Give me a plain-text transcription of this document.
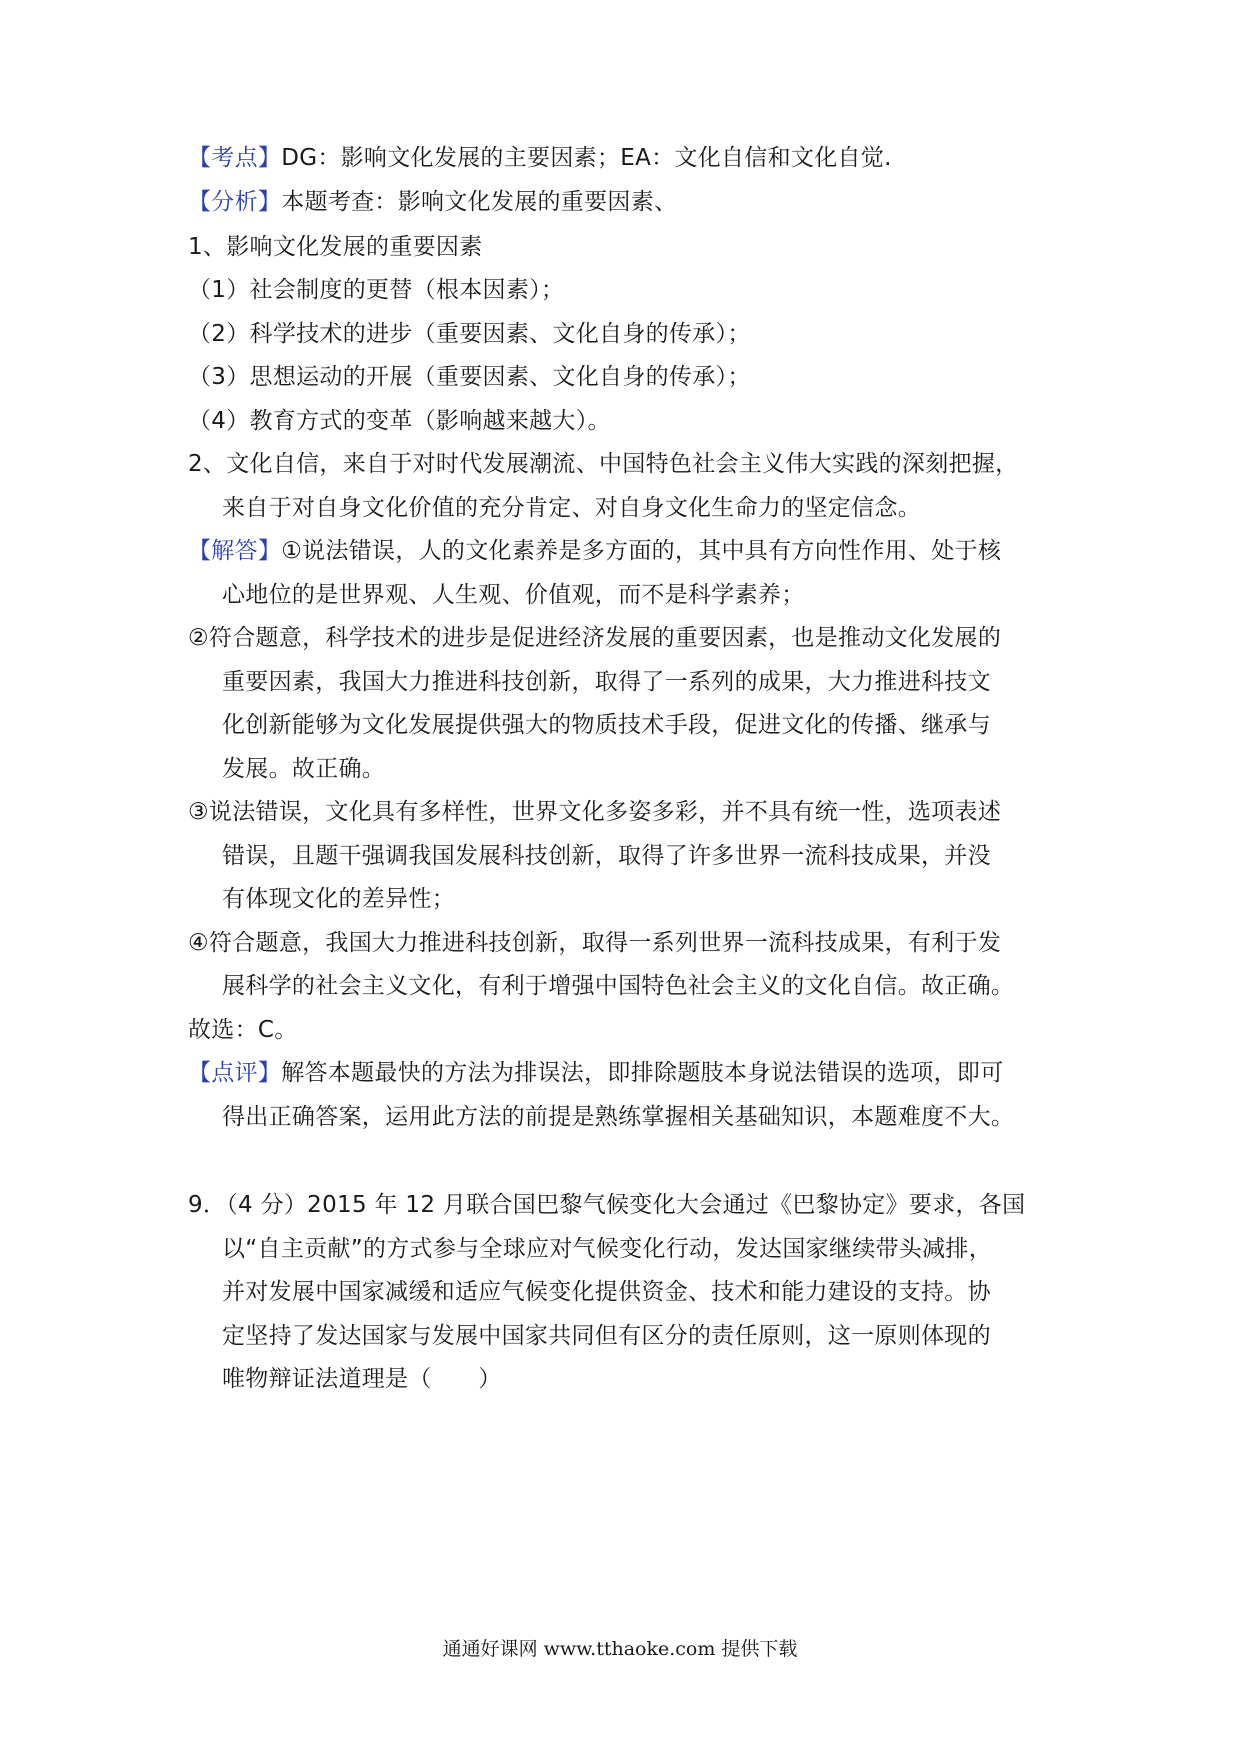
【考点】DG：影响文化发展的主要因素；EA：文化自信和文化自觉.
【分析】本题考查：影响文化发展的重要因素、
1、影响文化发展的重要因素
（1）社会制度的更替（根本因素）；
（2）科学技术的进步（重要因素、文化自身的传承）；
（3）思想运动的开展（重要因素、文化自身的传承）；
（4）教育方式的变革（影响越来越大）。
2、文化自信，来自于对时代发展潮流、中国特色社会主义伟大实践的深刻把握，
来自于对自身文化价值的充分肯定、对自身文化生命力的坚定信念。
【解答】①说法错误，人的文化素养是多方面的，其中具有方向性作用、处于核
心地位的是世界观、人生观、价值观，而不是科学素养；
②符合题意，科学技术的进步是促进经济发展的重要因素，也是推动文化发展的
重要因素，我国大力推进科技创新，取得了一系列的成果，大力推进科技文
化创新能够为文化发展提供强大的物质技术手段，促进文化的传播、继承与
发展。故正确。
③说法错误，文化具有多样性，世界文化多姿多彩，并不具有统一性，选项表述
错误，且题干强调我国发展科技创新，取得了许多世界一流科技成果，并没
有体现文化的差异性；
④符合题意，我国大力推进科技创新，取得一系列世界一流科技成果，有利于发
展科学的社会主义文化，有利于增强中国特色社会主义的文化自信。故正确。
故选：C。
【点评】解答本题最快的方法为排误法，即排除题肢本身说法错误的选项，即可
得出正确答案，运用此方法的前提是熟练掌握相关基础知识，本题难度不大。
9．（4 分）2015 年 12 月联合国巴黎气候变化大会通过《巴黎协定》要求，各国
以“自主贡献”的方式参与全球应对气候变化行动，发达国家继续带头减排，
并对发展中国家减缓和适应气候变化提供资金、技术和能力建设的支持。协
定坚持了发达国家与发展中国家共同但有区分的责任原则，这一原则体现的
唯物辩证法道理是（　　）
通通好课网 www.tthaoke.com 提供下载
